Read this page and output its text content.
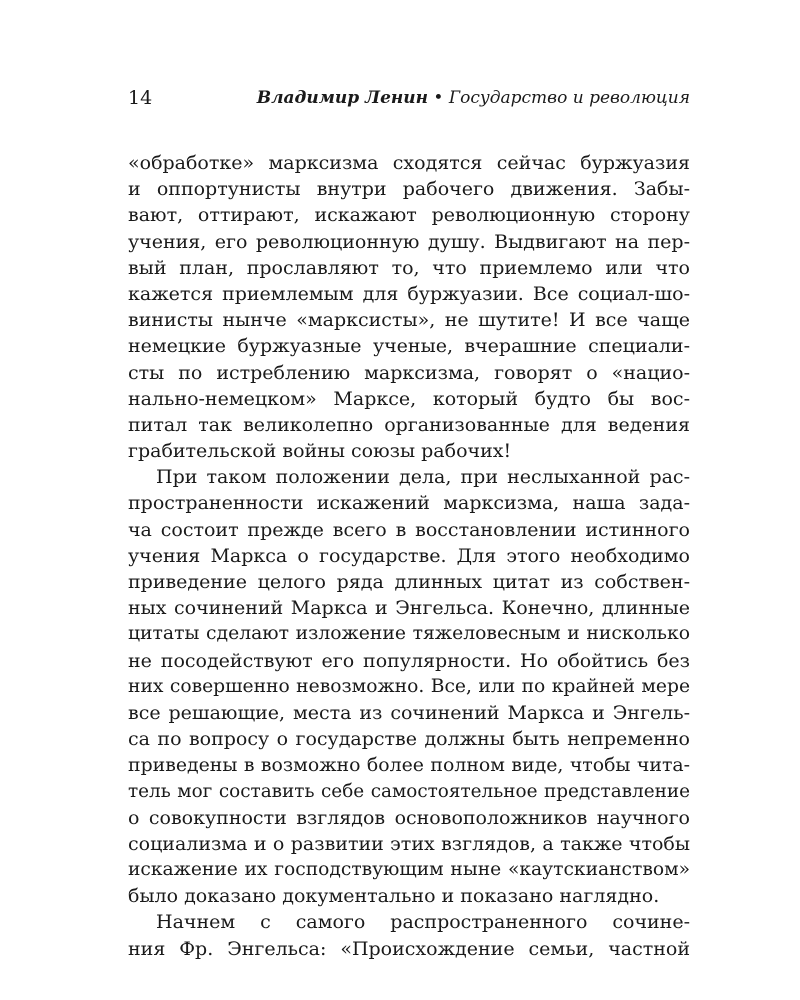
14	Владимир Ленин • Государство и революция
«обработке» марксизма сходятся сейчас буржуазия
и оппортунисты внутри рабочего движения. Забы-
вают, оттирают, искажают революционную сторону
учения, его революционную душу. Выдвигают на пер-
вый план, прославляют то, что приемлемо или что
кажется приемлемым для буржуазии. Все социал-шо-
винисты нынче «марксисты», не шутите! И все чаще
немецкие буржуазные ученые, вчерашние специали-
сты по истреблению марксизма, говорят о «нацио-
нально-немецком» Марксе, который будто бы вос-
питал так великолепно организованные для ведения
грабительской войны союзы рабочих!
При таком положении дела, при неслыханной рас-
пространенности искажений марксизма, наша зада-
ча состоит прежде всего в восстановлении истинного
учения Маркса о государстве. Для этого необходимо
приведение целого ряда длинных цитат из собствен-
ных сочинений Маркса и Энгельса. Конечно, длинные
цитаты сделают изложение тяжеловесным и нисколько
не посодействуют его популярности. Но обойтись без
них совершенно невозможно. Все, или по крайней мере
все решающие, места из сочинений Маркса и Энгель-
са по вопросу о государстве должны быть непременно
приведены в возможно более полном виде, чтобы чита-
тель мог составить себе самостоятельное представление
о совокупности взглядов основоположников научного
социализма и о развитии этих взглядов, а также чтобы
искажение их господствующим ныне «каутскианством»
было доказано документально и показано наглядно.
Начнем с самого распространенного сочине-
ния Фр. Энгельса: «Происхождение семьи, частной
